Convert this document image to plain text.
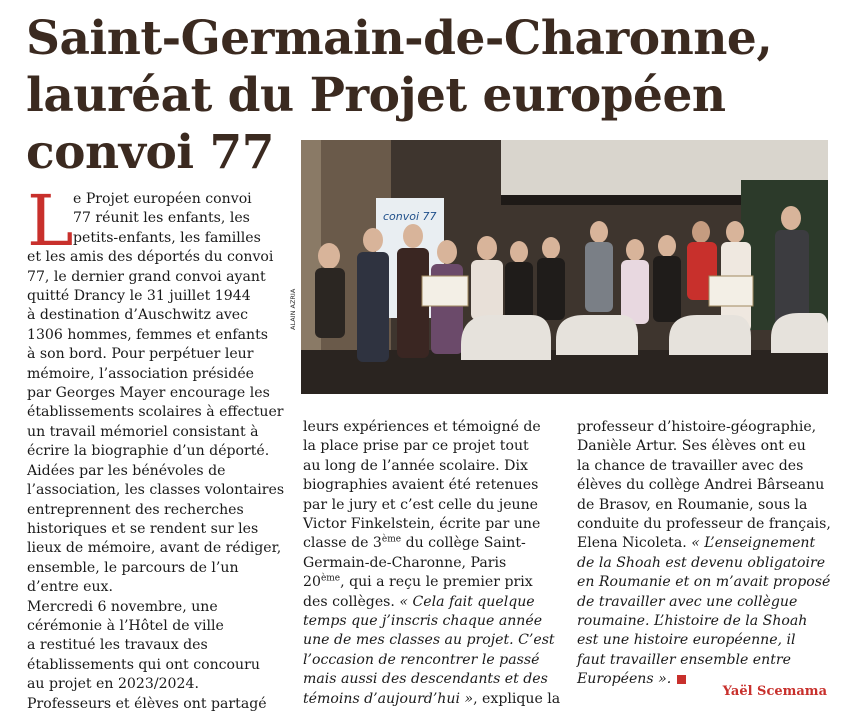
Saint-Germain-de-Charonne,
lauréat du Projet européen
convoi 77
convoi 77
ALAIN AZRIA
L e Projet européen convoi
77 réunit les enfants, les
petits-enfants, les familles
et les amis des déportés du convoi
77, le dernier grand convoi ayant
quitté Drancy le 31 juillet 1944
à destination d’Auschwitz avec
1306 hommes, femmes et enfants
à son bord. Pour perpétuer leur
mémoire, l’association présidée
par Georges Mayer encourage les
établissements scolaires à effectuer
un travail mémoriel consistant à
écrire la biographie d’un déporté.
Aidées par les bénévoles de
l’association, les classes volontaires
entreprennent des recherches
historiques et se rendent sur les
lieux de mémoire, avant de rédiger,
ensemble, le parcours de l’un
d’entre eux.
Mercredi 6 novembre, une
cérémonie à l’Hôtel de ville
a restitué les travaux des
établissements qui ont concouru
au projet en 2023/2024.
Professeurs et élèves ont partagé
leurs expériences et témoigné de
la place prise par ce projet tout
au long de l’année scolaire. Dix
biographies avaient été retenues
par le jury et c’est celle du jeune
Victor Finkelstein, écrite par une
classe de 3ème du collège Saint-
Germain-de-Charonne, Paris
20ème, qui a reçu le premier prix
des collèges. « Cela fait quelque
temps que j’inscris chaque année
une de mes classes au projet. C’est
l’occasion de rencontrer le passé
mais aussi des descendants et des
témoins d’aujourd’hui », explique la
professeur d’histoire-géographie,
Danièle Artur. Ses élèves ont eu
la chance de travailler avec des
élèves du collège Andrei Bârseanu
de Brasov, en Roumanie, sous la
conduite du professeur de français,
Elena Nicoleta. « L’enseignement
de la Shoah est devenu obligatoire
en Roumanie et on m’avait proposé
de travailler avec une collègue
roumaine. L’histoire de la Shoah
est une histoire européenne, il
faut travailler ensemble entre
Européens ».
Yaël Scemama
